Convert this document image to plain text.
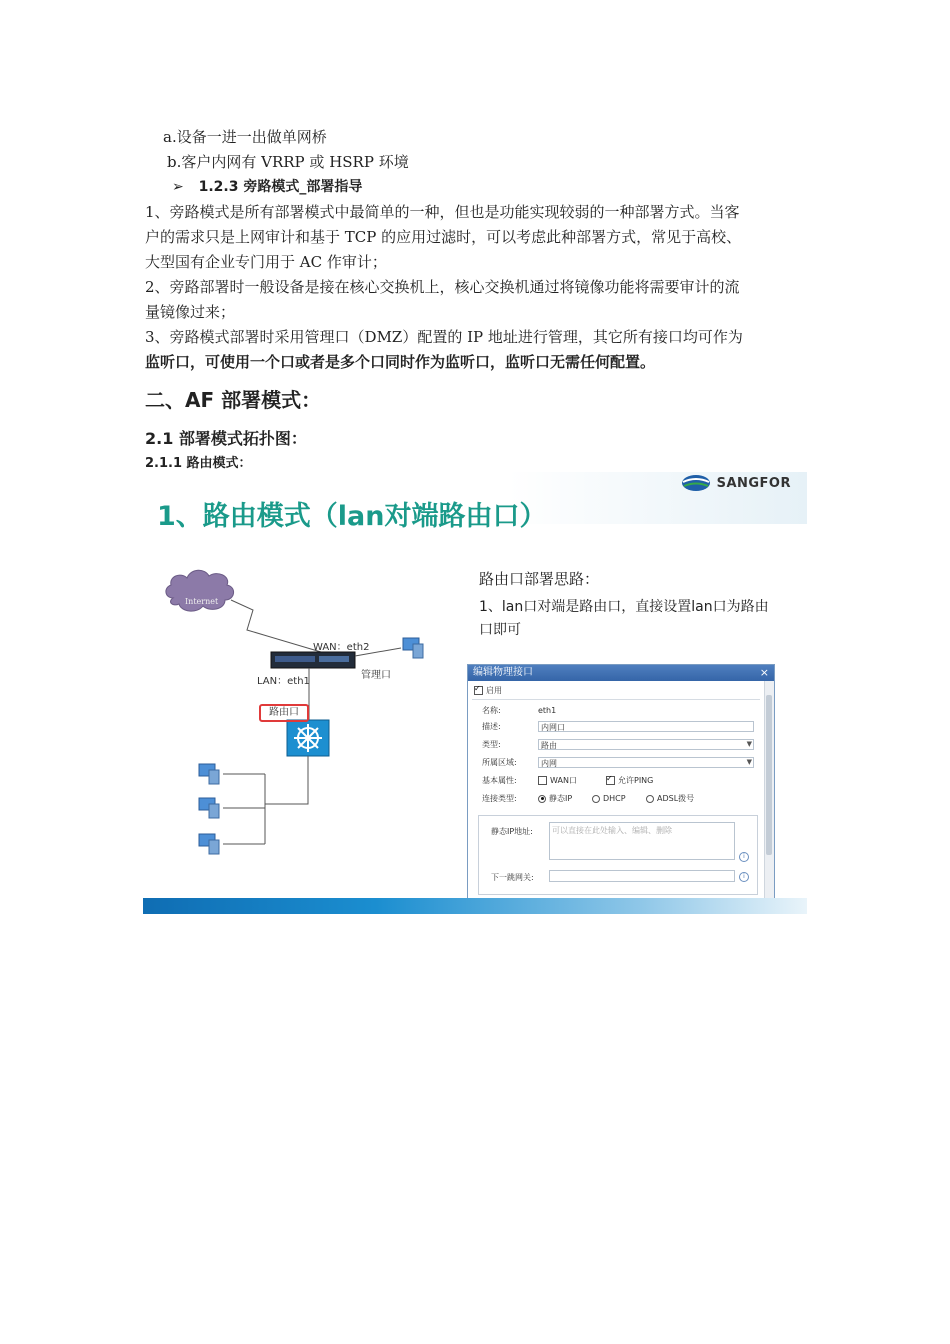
a.设备一进一出做单网桥
b.客户内网有 VRRP 或 HSRP 环境
➢ 1.2.3 旁路模式_部署指导
1、旁路模式是所有部署模式中最简单的一种，但也是功能实现较弱的一种部署方式。当客
户的需求只是上网审计和基于 TCP 的应用过滤时，可以考虑此种部署方式，常见于高校、
大型国有企业专门用于 AC 作审计；
2、旁路部署时一般设备是接在核心交换机上，核心交换机通过将镜像功能将需要审计的流
量镜像过来；
3、旁路模式部署时采用管理口（DMZ）配置的 IP 地址进行管理，其它所有接口均可作为
监听口，可使用一个口或者是多个口同时作为监听口，监听口无需任何配置。
二、AF 部署模式：
2.1 部署模式拓扑图：
2.1.1 路由模式：
SANGFOR
1、路由模式（lan对端路由口）
Internet
WAN：eth2
LAN：eth1
管理口
路由口
路由口部署思路：
1、lan口对端是路由口，直接设置lan口为路由口即可
编辑物理接口	×
✓启用
名称:	eth1
描述:	内网口
类型:	路由	▼
所属区域:	内网	▼
基本属性:	WAN口
✓	允许PING
连接类型:	静态IP	DHCP	ADSL拨号
静态IP地址:	可以直接在此处输入、编辑、删除
i
下一跳网关:	i
